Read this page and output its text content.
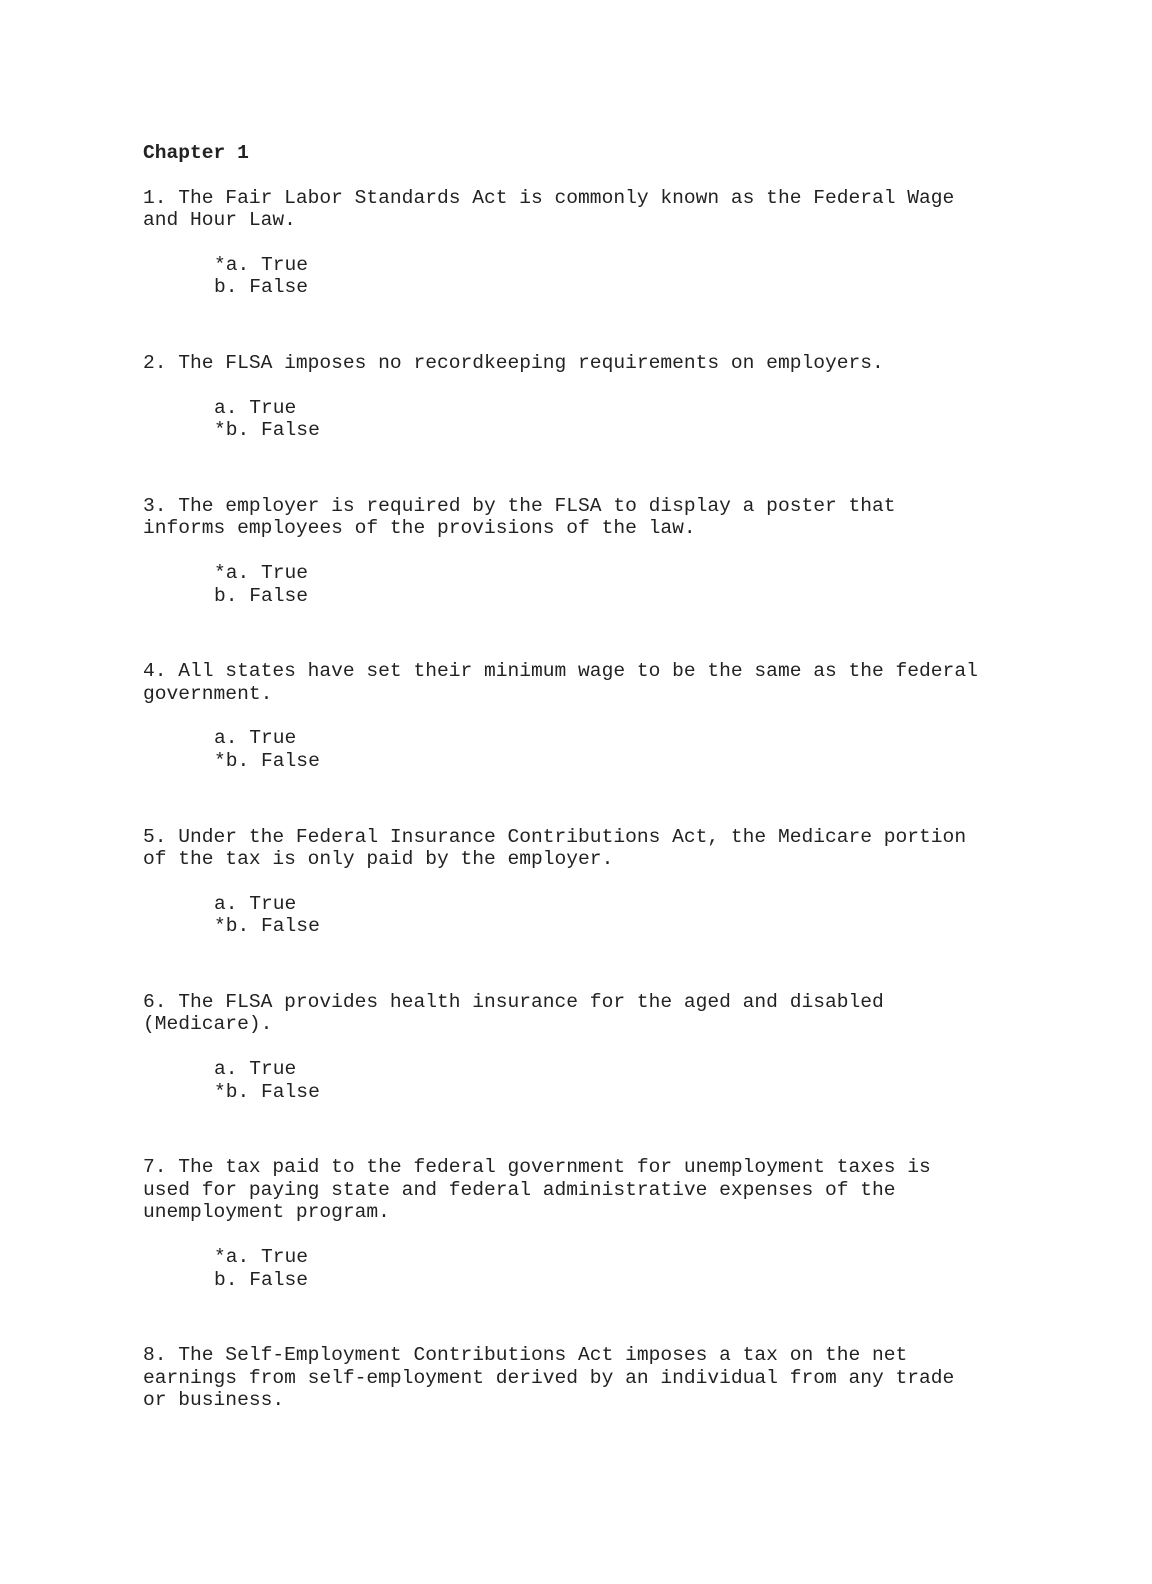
Chapter 1
1. The Fair Labor Standards Act is commonly known as the Federal Wage
and Hour Law.
*a. True
b. False
2. The FLSA imposes no recordkeeping requirements on employers.
a. True
*b. False
3. The employer is required by the FLSA to display a poster that
informs employees of the provisions of the law.
*a. True
b. False
4. All states have set their minimum wage to be the same as the federal
government.
a. True
*b. False
5. Under the Federal Insurance Contributions Act, the Medicare portion
of the tax is only paid by the employer.
a. True
*b. False
6. The FLSA provides health insurance for the aged and disabled
(Medicare).
a. True
*b. False
7. The tax paid to the federal government for unemployment taxes is
used for paying state and federal administrative expenses of the
unemployment program.
*a. True
b. False
8. The Self-Employment Contributions Act imposes a tax on the net
earnings from self-employment derived by an individual from any trade
or business.
